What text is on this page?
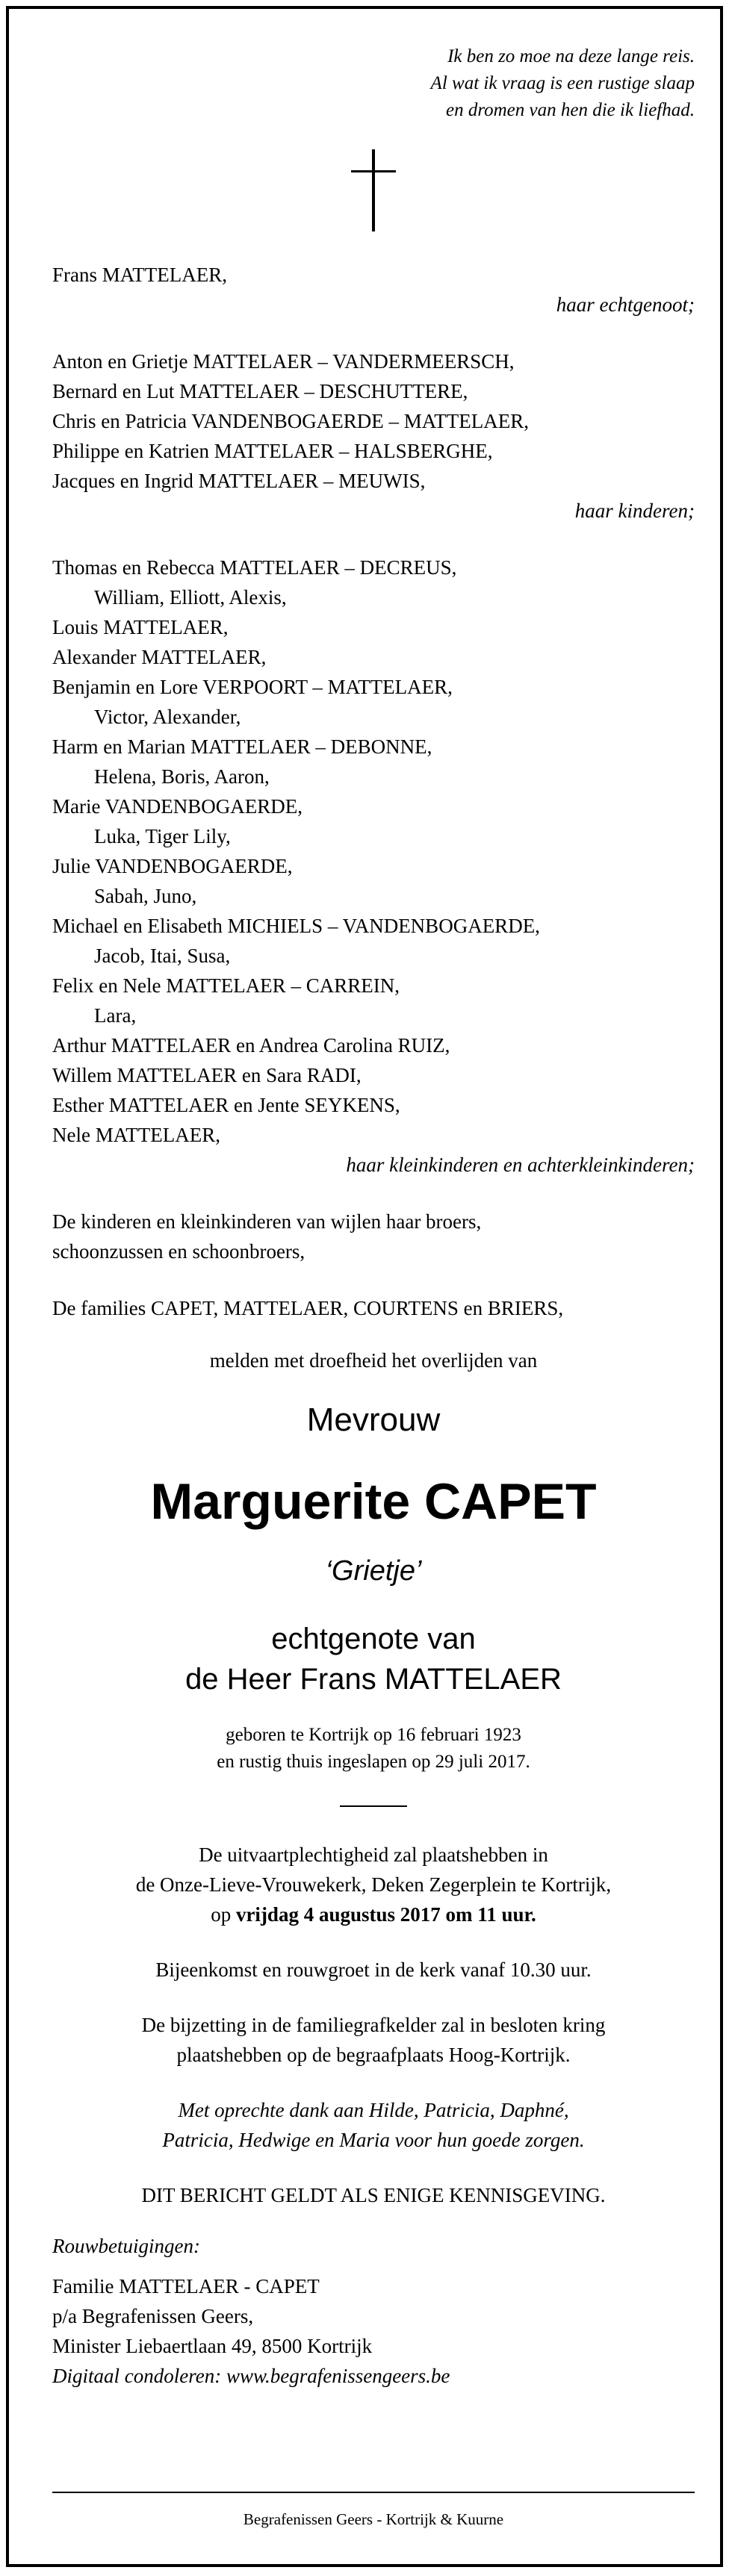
Ik ben zo moe na deze lange reis.
Al wat ik vraag is een rustige slaap
en dromen van hen die ik liefhad.
Frans MATTELAER,
haar echtgenoot;
Anton en Grietje MATTELAER – VANDERMEERSCH,
Bernard en Lut MATTELAER – DESCHUTTERE,
Chris en Patricia VANDENBOGAERDE – MATTELAER,
Philippe en Katrien MATTELAER – HALSBERGHE,
Jacques en Ingrid MATTELAER – MEUWIS,
haar kinderen;
Thomas en Rebecca MATTELAER – DECREUS,
William, Elliott, Alexis,
Louis MATTELAER,
Alexander MATTELAER,
Benjamin en Lore VERPOORT – MATTELAER,
Victor, Alexander,
Harm en Marian MATTELAER – DEBONNE,
Helena, Boris, Aaron,
Marie VANDENBOGAERDE,
Luka, Tiger Lily,
Julie VANDENBOGAERDE,
Sabah, Juno,
Michael en Elisabeth MICHIELS – VANDENBOGAERDE,
Jacob, Itai, Susa,
Felix en Nele MATTELAER – CARREIN,
Lara,
Arthur MATTELAER en Andrea Carolina RUIZ,
Willem MATTELAER en Sara RADI,
Esther MATTELAER en Jente SEYKENS,
Nele MATTELAER,
haar kleinkinderen en achterkleinkinderen;
De kinderen en kleinkinderen van wijlen haar broers,
schoonzussen en schoonbroers,
De families CAPET, MATTELAER, COURTENS en BRIERS,
melden met droefheid het overlijden van
Mevrouw
Marguerite CAPET
‘Grietje’
echtgenote van
de Heer Frans MATTELAER
geboren te Kortrijk op 16 februari 1923
en rustig thuis ingeslapen op 29 juli 2017.
De uitvaartplechtigheid zal plaatshebben in
de Onze-Lieve-Vrouwekerk, Deken Zegerplein te Kortrijk,
op vrijdag 4 augustus 2017 om 11 uur.
Bijeenkomst en rouwgroet in de kerk vanaf 10.30 uur.
De bijzetting in de familiegrafkelder zal in besloten kring
plaatshebben op de begraafplaats Hoog-Kortrijk.
Met oprechte dank aan Hilde, Patricia, Daphné,
Patricia, Hedwige en Maria voor hun goede zorgen.
DIT BERICHT GELDT ALS ENIGE KENNISGEVING.
Rouwbetuigingen:
Familie MATTELAER - CAPET
p/a Begrafenissen Geers,
Minister Liebaertlaan 49, 8500 Kortrijk
Digitaal condoleren: www.begrafenissengeers.be
Begrafenissen Geers - Kortrijk & Kuurne
